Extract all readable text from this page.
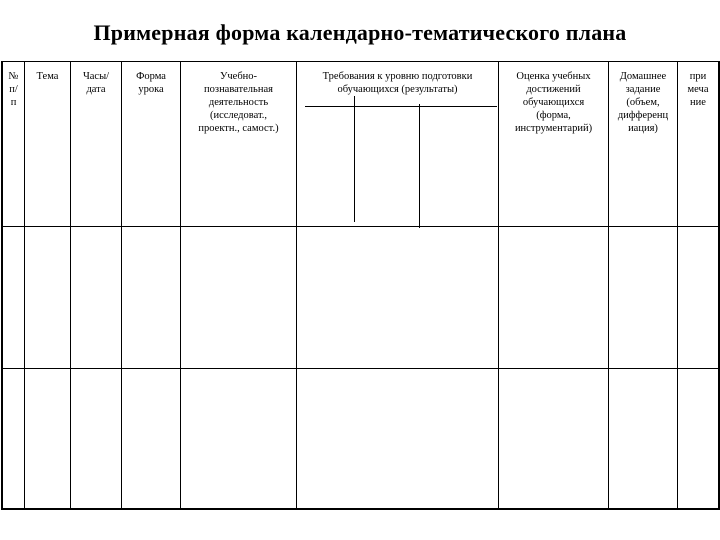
Примерная форма календарно-тематического плана
№
п/
п
Тема	Часы/
дата
Форма
урока
Учебно-
познавательная
деятельность
(исследоват.,
проектн., самост.)
Требования к уровню подготовки
обучающихся (результаты)
Оценка учебных
достижений
обучающихся
(форма,
инструментарий)
Домашнее
задание
(объем,
дифференц
иация)
при
меча
ние
